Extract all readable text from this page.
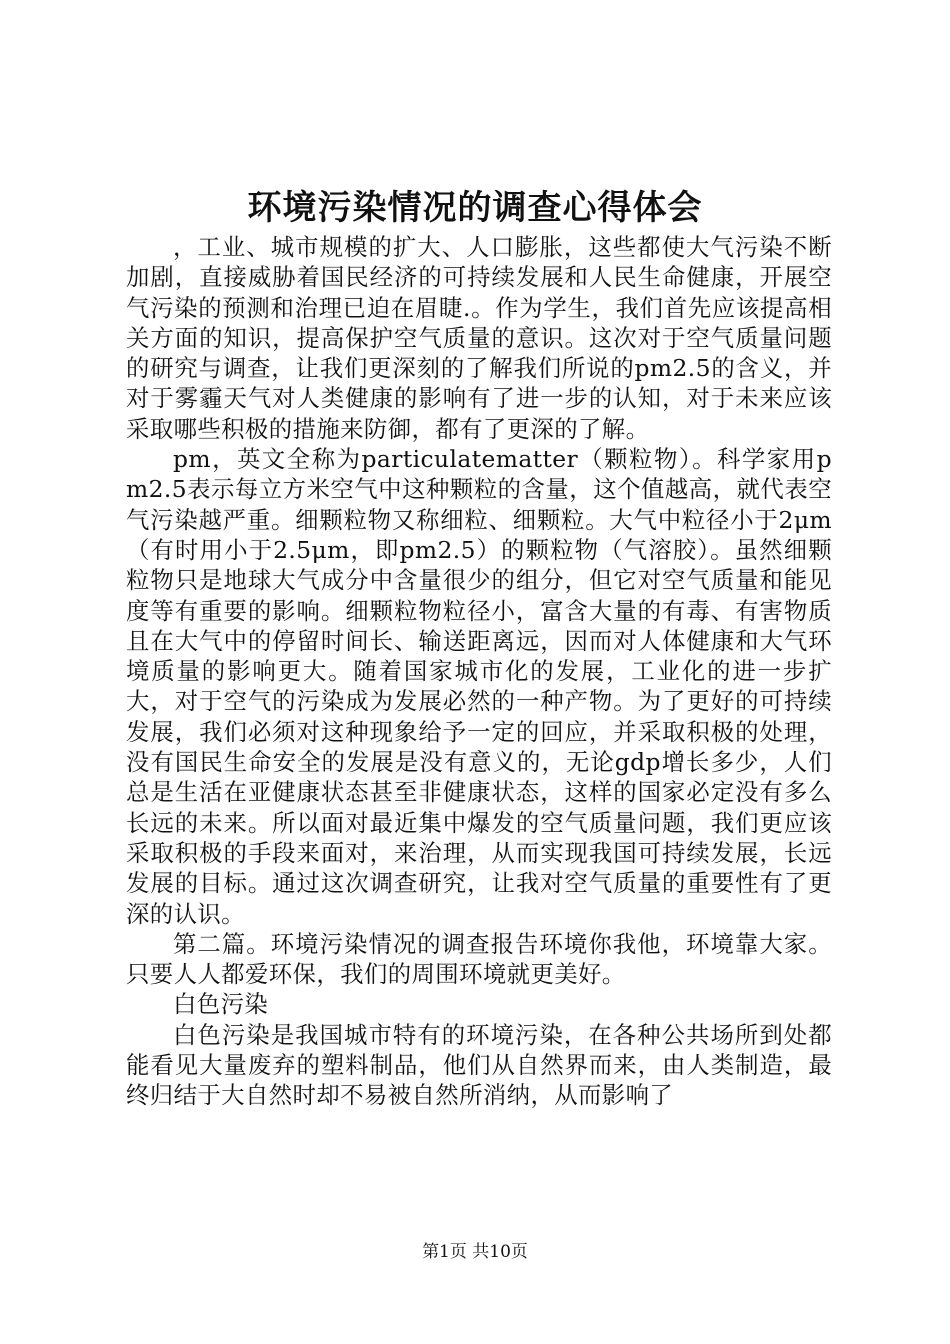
环境污染情况的调查心得体会

，工业、城市规模的扩大、人口膨胀，这些都使大气污染不断加剧，直接威胁着国民经济的可持续发展和人民生命健康，开展空气污染的预测和治理已迫在眉睫.。作为学生，我们首先应该提高相关方面的知识，提高保护空气质量的意识。这次对于空气质量问题的研究与调查，让我们更深刻的了解我们所说的pm2.5的含义，并对于雾霾天气对人类健康的影响有了进一步的认知，对于未来应该采取哪些积极的措施来防御，都有了更深的了解。

pm，英文全称为particulatematter（颗粒物）。科学家用pm2.5表示每立方米空气中这种颗粒的含量，这个值越高，就代表空气污染越严重。细颗粒物又称细粒、细颗粒。大气中粒径小于2μm（有时用小于2.5μm，即pm2.5）的颗粒物（气溶胶）。虽然细颗粒物只是地球大气成分中含量很少的组分，但它对空气质量和能见度等有重要的影响。细颗粒物粒径小，富含大量的有毒、有害物质且在大气中的停留时间长、输送距离远，因而对人体健康和大气环境质量的影响更大。随着国家城市化的发展，工业化的进一步扩大，对于空气的污染成为发展必然的一种产物。为了更好的可持续发展，我们必须对这种现象给予一定的回应，并采取积极的处理，没有国民生命安全的发展是没有意义的，无论gdp增长多少，人们总是生活在亚健康状态甚至非健康状态，这样的国家必定没有多么长远的未来。所以面对最近集中爆发的空气质量问题，我们更应该采取积极的手段来面对，来治理，从而实现我国可持续发展，长远发展的目标。通过这次调查研究，让我对空气质量的重要性有了更深的认识。

第二篇。环境污染情况的调查报告环境你我他，环境靠大家。只要人人都爱环保，我们的周围环境就更美好。

白色污染

白色污染是我国城市特有的环境污染，在各种公共场所到处都能看见大量废弃的塑料制品，他们从自然界而来，由人类制造，最终归结于大自然时却不易被自然所消纳，从而影响了

第1页 共10页
